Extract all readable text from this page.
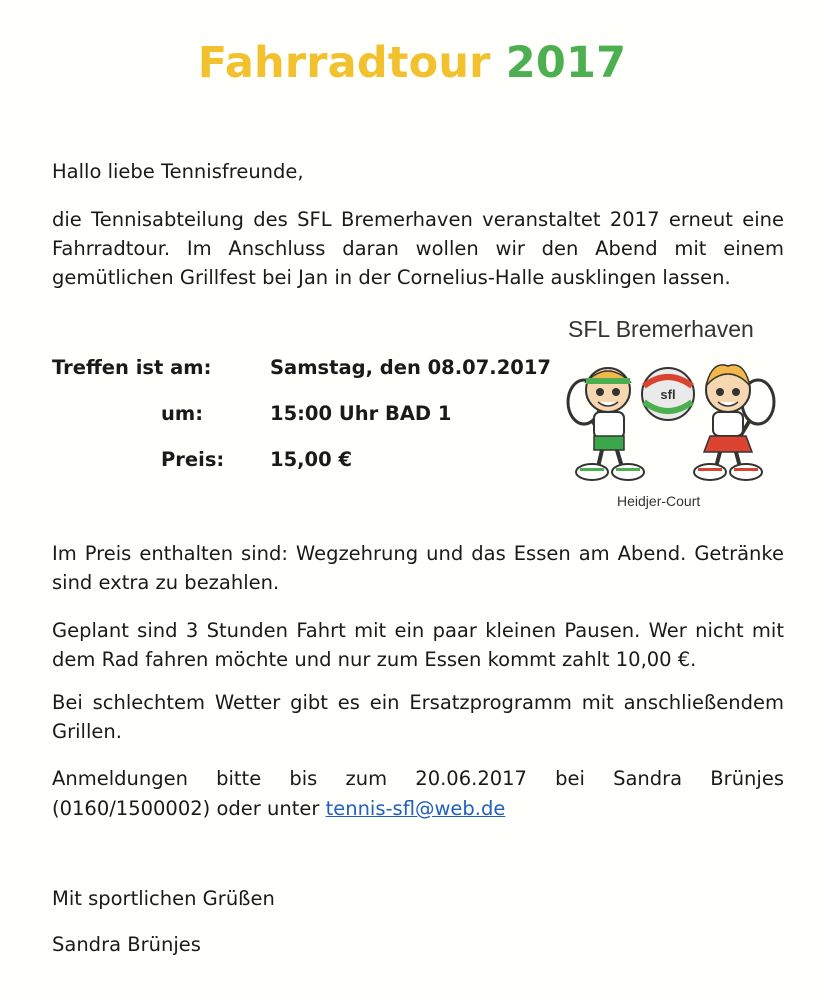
Fahrradtour 2017

Hallo liebe Tennisfreunde,

die Tennisabteilung des SFL Bremerhaven veranstaltet 2017 erneut eine Fahrradtour. Im Anschluss daran wollen wir den Abend mit einem gemütlichen Grillfest bei Jan in der Cornelius-Halle ausklingen lassen.

Treffen ist am:	Samstag, den 08.07.2017
um:	15:00 Uhr BAD 1
Preis: 15,00 €
SFL Bremerhaven
sfl
Heidjer-Court

Im Preis enthalten sind: Wegzehrung und das Essen am Abend. Getränke sind extra zu bezahlen.

Geplant sind 3 Stunden Fahrt mit ein paar kleinen Pausen. Wer nicht mit dem Rad fahren möchte und nur zum Essen kommt zahlt 10,00 €.

Bei schlechtem Wetter gibt es ein Ersatzprogramm mit anschließendem Grillen.

Anmeldungen bitte bis zum 20.06.2017 bei Sandra Brünjes

(0160/1500002) oder unter tennis-sfl@web.de

Mit sportlichen Grüßen

Sandra Brünjes
